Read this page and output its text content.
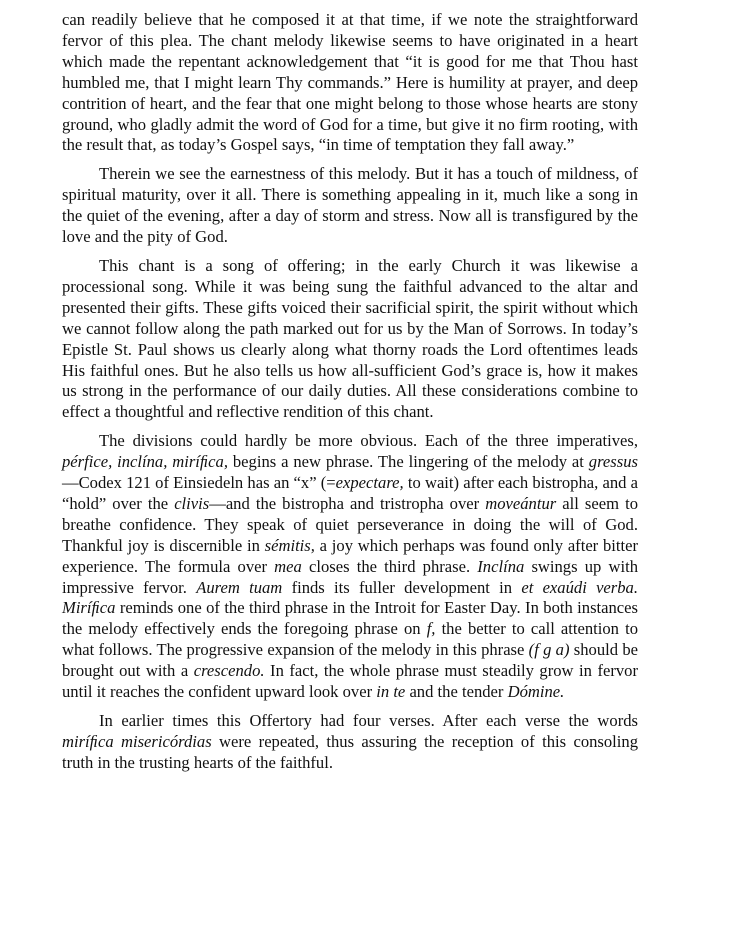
can readily believe that he composed it at that time, if we note the straightforward fervor of this plea. The chant melody likewise seems to have originated in a heart which made the repentant acknowledgement that “it is good for me that Thou hast humbled me, that I might learn Thy commands.” Here is humility at prayer, and deep contrition of heart, and the fear that one might belong to those whose hearts are stony ground, who gladly admit the word of God for a time, but give it no firm rooting, with the result that, as today’s Gospel says, “in time of temptation they fall away.”

Therein we see the earnestness of this melody. But it has a touch of mildness, of spiritual maturity, over it all. There is something appealing in it, much like a song in the quiet of the evening, after a day of storm and stress. Now all is transfigured by the love and the pity of God.

This chant is a song of offering; in the early Church it was likewise a processional song. While it was being sung the faithful advanced to the altar and presented their gifts. These gifts voiced their sacrificial spirit, the spirit without which we cannot follow along the path marked out for us by the Man of Sorrows. In today’s Epistle St. Paul shows us clearly along what thorny roads the Lord oftentimes leads His faithful ones. But he also tells us how all-sufficient God’s grace is, how it makes us strong in the performance of our daily duties. All these considerations combine to effect a thoughtful and reflective rendition of this chant.

The divisions could hardly be more obvious. Each of the three imperatives, pérfice, inclína, miríﬁca, begins a new phrase. The lingering of the melody at gressus—Codex 121 of Einsiedeln has an “x” (=expectare, to wait) after each bistropha, and a “hold” over the clivis—and the bistropha and tristropha over moveántur all seem to breathe confidence. They speak of quiet perseverance in doing the will of God. Thankful joy is discernible in sémitis, a joy which perhaps was found only after bitter experience. The formula over mea closes the third phrase. Inclína swings up with impressive fervor. Aurem tuam finds its fuller development in et exaúdi verba. Miríﬁca reminds one of the third phrase in the Introit for Easter Day. In both instances the melody effectively ends the foregoing phrase on f, the better to call attention to what follows. The progressive expansion of the melody in this phrase (f g a) should be brought out with a crescendo. In fact, the whole phrase must steadily grow in fervor until it reaches the confident upward look over in te and the tender Dómine.

In earlier times this Offertory had four verses. After each verse the words miríﬁca misericórdias were repeated, thus assuring the reception of this consoling truth in the trusting hearts of the faithful.
